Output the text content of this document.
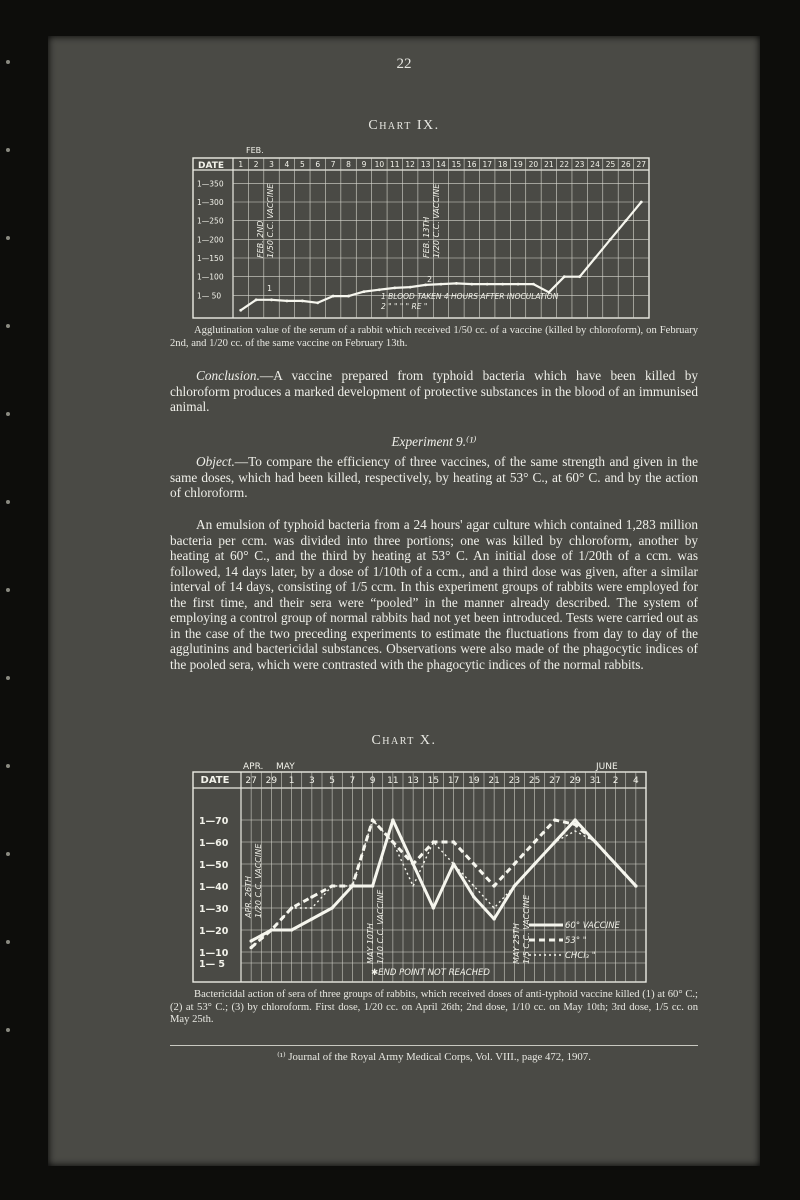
22
Chart IX.
FEB.
DATE 1 2 3 4 5 6 7 8 9 10 11 12 13 14 15 16 17 18 19 20 21 22 23 24 25 26 27
1—350
1—300
1—250
1—200
1—150
1—100
1— 50
FEB. 2ND 1/50 C.C. VACCINE	FEB. 13TH 1/20 C.C. VACCINE
1
2
1 BLOOD TAKEN 4 HOURS AFTER INOCULATION
2 " " " " RE "

Agglutination value of the serum of a rabbit which received 1/50 cc. of a vaccine (killed by chloroform), on February 2nd, and 1/20 cc. of the same vaccine on February 13th.

Conclusion.—A vaccine prepared from typhoid bacteria which have been killed by chloroform produces a marked development of protective substances in the blood of an immunised animal.

Experiment 9.⁽¹⁾

Object.—To compare the efficiency of three vaccines, of the same strength and given in the same doses, which had been killed, respectively, by heating at 53° C., at 60° C. and by the action of chloroform.

An emulsion of typhoid bacteria from a 24 hours' agar culture which contained 1,283 million bacteria per ccm. was divided into three portions; one was killed by chloroform, another by heating at 60° C., and the third by heating at 53° C. An initial dose of 1/20th of a ccm. was followed, 14 days later, by a dose of 1/10th of a ccm., and a third dose was given, after a similar interval of 14 days, consisting of 1/5 ccm. In this experiment groups of rabbits were employed for the first time, and their sera were “pooled” in the manner already described. The system of employing a control group of normal rabbits had not yet been introduced. Tests were carried out as in the case of the two preceding experiments to estimate the fluctuations from day to day of the agglutinins and bactericidal substances. Observations were also made of the phagocytic indices of the pooled sera, which were contrasted with the phagocytic indices of the normal rabbits.

Chart X.
APR. MAY	JUNE
DATE 27 29 1 3 5 7 9 11 13 15 17 19 21 23 25 27 29 31 2 4
1—70
1—60
1—50
1—40
1—30
1—20
1—10
1— 5
APR. 26TH 1/20 C.C. VACCINE
MAY 10TH 1/10 C.C. VACCINE	MAY 25TH 1/5 C.C. VACCINE
✱END POINT NOT REACHED
60° VACCINE
53° "
CHCl₃ "

Bactericidal action of sera of three groups of rabbits, which received doses of anti-typhoid vaccine killed (1) at 60° C.; (2) at 53° C.; (3) by chloroform. First dose, 1/20 cc. on April 26th; 2nd dose, 1/10 cc. on May 10th; 3rd dose, 1/5 cc. on May 25th.

⁽¹⁾ Journal of the Royal Army Medical Corps, Vol. VIII., page 472, 1907.
